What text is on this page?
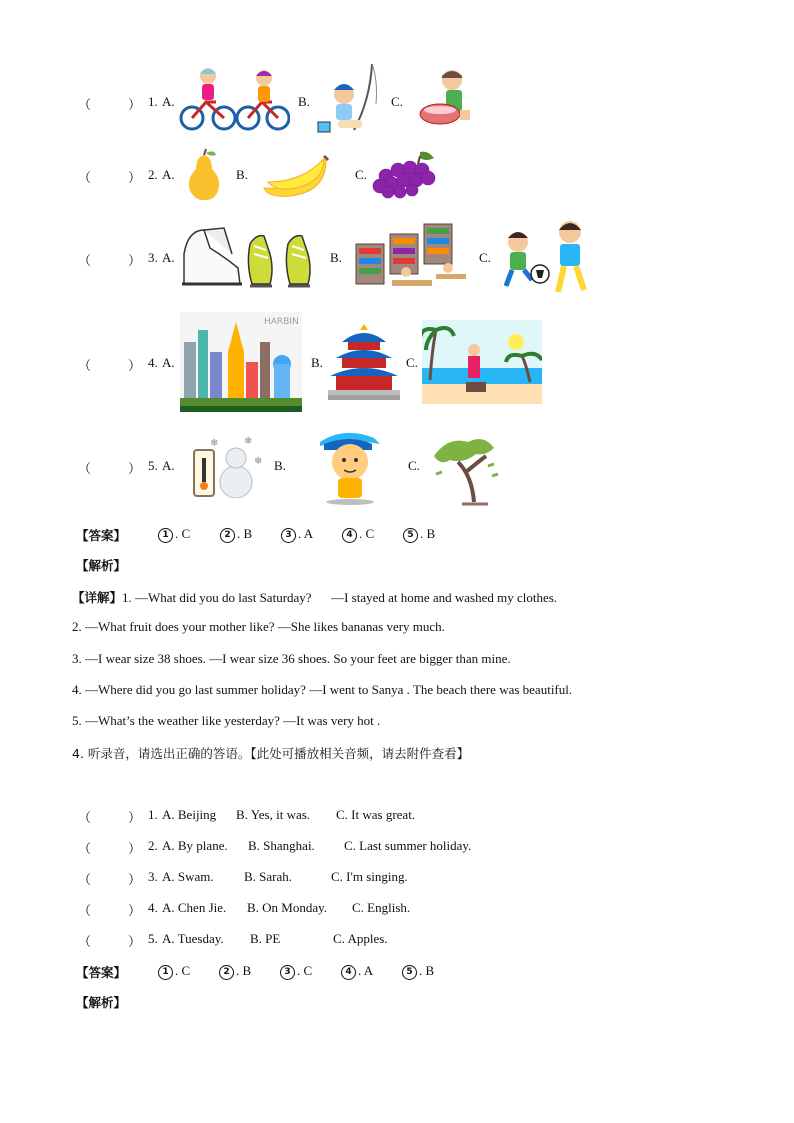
（	） 1. A.	B.	C.
（	） 2. A.	B.	C.
（	） 3. A.	B.	C.
（	） 4. A.	B.	C.
HARBIN
（	） 5. A.	B.	C.
❄	❄
❄
【答案】	1 . C	2 . B	3 . A	4 . C	5 . B
【解析】
【详解】1. —What did you do last Saturday?      —I stayed at home and washed my clothes.
2. —What fruit does your mother like? —She likes bananas very much.
3. —I wear size 38 shoes. —I wear size 36 shoes. So your feet are bigger than mine.
4. —Where did you go last summer holiday? —I went to Sanya . The beach there was beautiful.
5. —What’s the weather like yesterday? —It was very hot .
4. 听录音，请选出正确的答语。【此处可播放相关音频，请去附件查看】
（	） 1. A. Beijing B. Yes, it was. C. It was great.
（	） 2. A. By plane. B. Shanghai. C. Last summer holiday.
（	） 3. A. Swam. B. Sarah.	C. I'm singing.
（	） 4. A. Chen Jie. B. On Monday. C. English.
（	） 5. A. Tuesday. B. PE	C. Apples.
【答案】	1 . C	2 . B	3 . C	4 . A	5 . B
【解析】
